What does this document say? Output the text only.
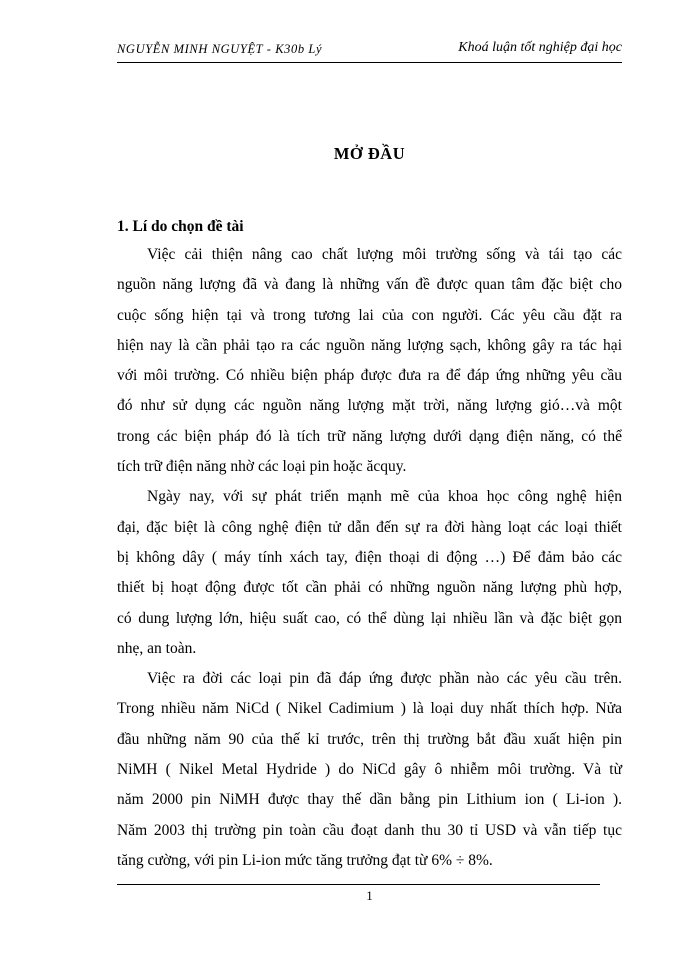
NGUYỄN MINH NGUYỆT - K30b Lý	Khoá luận tốt nghiệp đại học
MỞ ĐẦU
1. Lí do chọn đề tài

Việc cải thiện nâng cao chất lượng môi trường sống và tái tạo các
nguồn năng lượng đã và đang là những vấn đề được quan tâm đặc biệt cho
cuộc sống hiện tại và trong tương lai của con người. Các yêu cầu đặt ra
hiện nay là cần phải tạo ra các nguồn năng lượng sạch, không gây ra tác hại
với môi trường. Có nhiều biện pháp được đưa ra để đáp ứng những yêu cầu
đó như sử dụng các nguồn năng lượng mặt trời, năng lượng gió…và một
trong các biện pháp đó là tích trữ năng lượng dưới dạng điện năng, có thể
tích trữ điện năng nhờ các loại pin hoặc ăcquy.

Ngày nay, với sự phát triển mạnh mẽ của khoa học công nghệ hiện
đại, đặc biệt là công nghệ điện tử dẫn đến sự ra đời hàng loạt các loại thiết
bị không dây ( máy tính xách tay, điện thoại di động …) Để đảm bảo các
thiết bị hoạt động được tốt cần phải có những nguồn năng lượng phù hợp,
có dung lượng lớn, hiệu suất cao, có thể dùng lại nhiều lần và đặc biệt gọn
nhẹ, an toàn.

Việc ra đời các loại pin đã đáp ứng được phần nào các yêu cầu trên.
Trong nhiều năm NiCd ( Nikel Cadimium ) là loại duy nhất thích hợp. Nửa
đầu những năm 90 của thế kỉ trước, trên thị trường bắt đầu xuất hiện pin
NiMH ( Nikel Metal Hydride ) do NiCd gây ô nhiễm môi trường. Và từ
năm 2000 pin NiMH được thay thế dần bằng pin Lithium ion ( Li-ion ).
Năm 2003 thị trường pin toàn cầu đoạt danh thu 30 tỉ USD và vẫn tiếp tục
tăng cường, với pin Li-ion mức tăng trưởng đạt từ 6% ÷ 8%.

1
